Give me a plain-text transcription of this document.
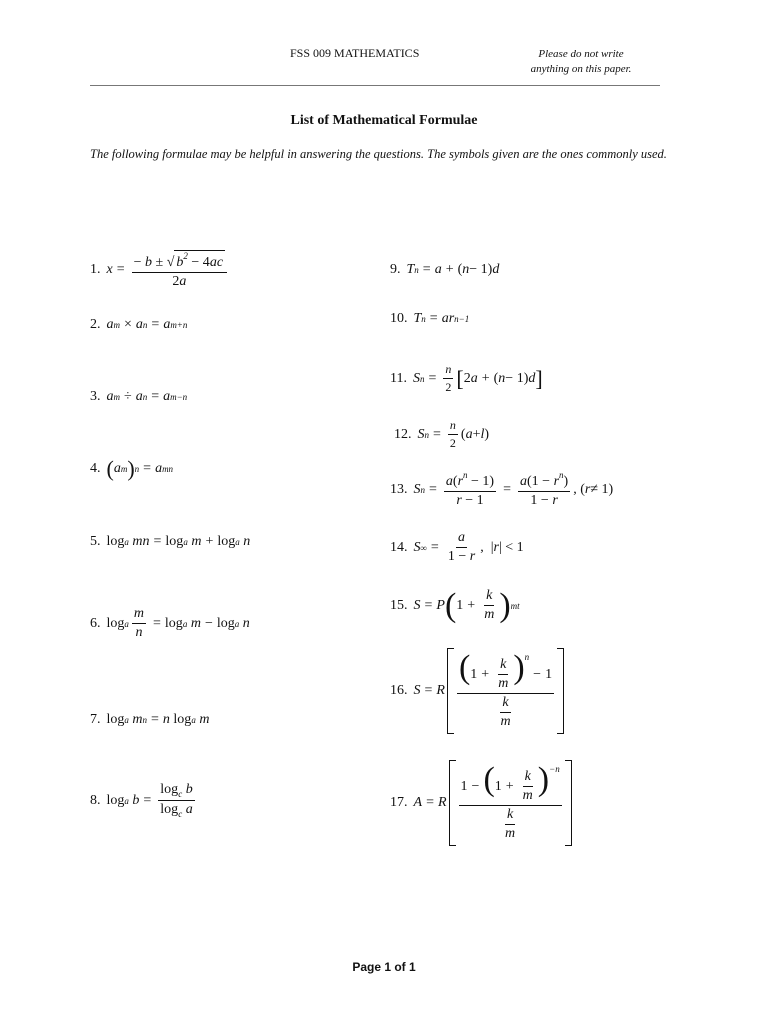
FSS 009 MATHEMATICS	Please do not write
anything on this paper.
List of Mathematical Formulae
The following formulae may be helpful in answering the questions. The symbols given are the ones commonly used.
1. $x = \frac{- b \pm √ b^2 - 4ac}{2a}$
2. a m × a n = a m+n
3. a m ÷ a n = a m−n
4. ( a m ) n = a mn
5. log a
mn = log a
m + log a
n
6. log a $\frac{m}{n} = \log a$
m − log a
n
7. log a
m n = n log a
m
8. log a
$b = \frac{\log_c b}{\log_c a}$
9. T n = a + ( n − 1) d
10. T n = ar n−1
11. S $n = \frac{n}{2}$ [ 2 a + ( n − 1) d ]
12. S $n = \frac{n}{2}$ ( a + l )
13. S $n = \frac{a(r^n - 1)}{r - 1} = \frac{a(1 - r^n)}{1 - r}$ , ( r ≠ 1)
14. S ∞ = $\frac{a}{1 - r}$ ,  | r | < 1
15. S = P ( $1 + \frac{k}{m}$ ) mt
16. S = R $\frac{(1 + \frac{k}{m} )^n- 1}{\frac{k}{m}}$
17. A = R $\frac{1 - (1 + \frac{k}{m} )^{-n}}{\frac{k}{m}}$
Page 1 of 1
